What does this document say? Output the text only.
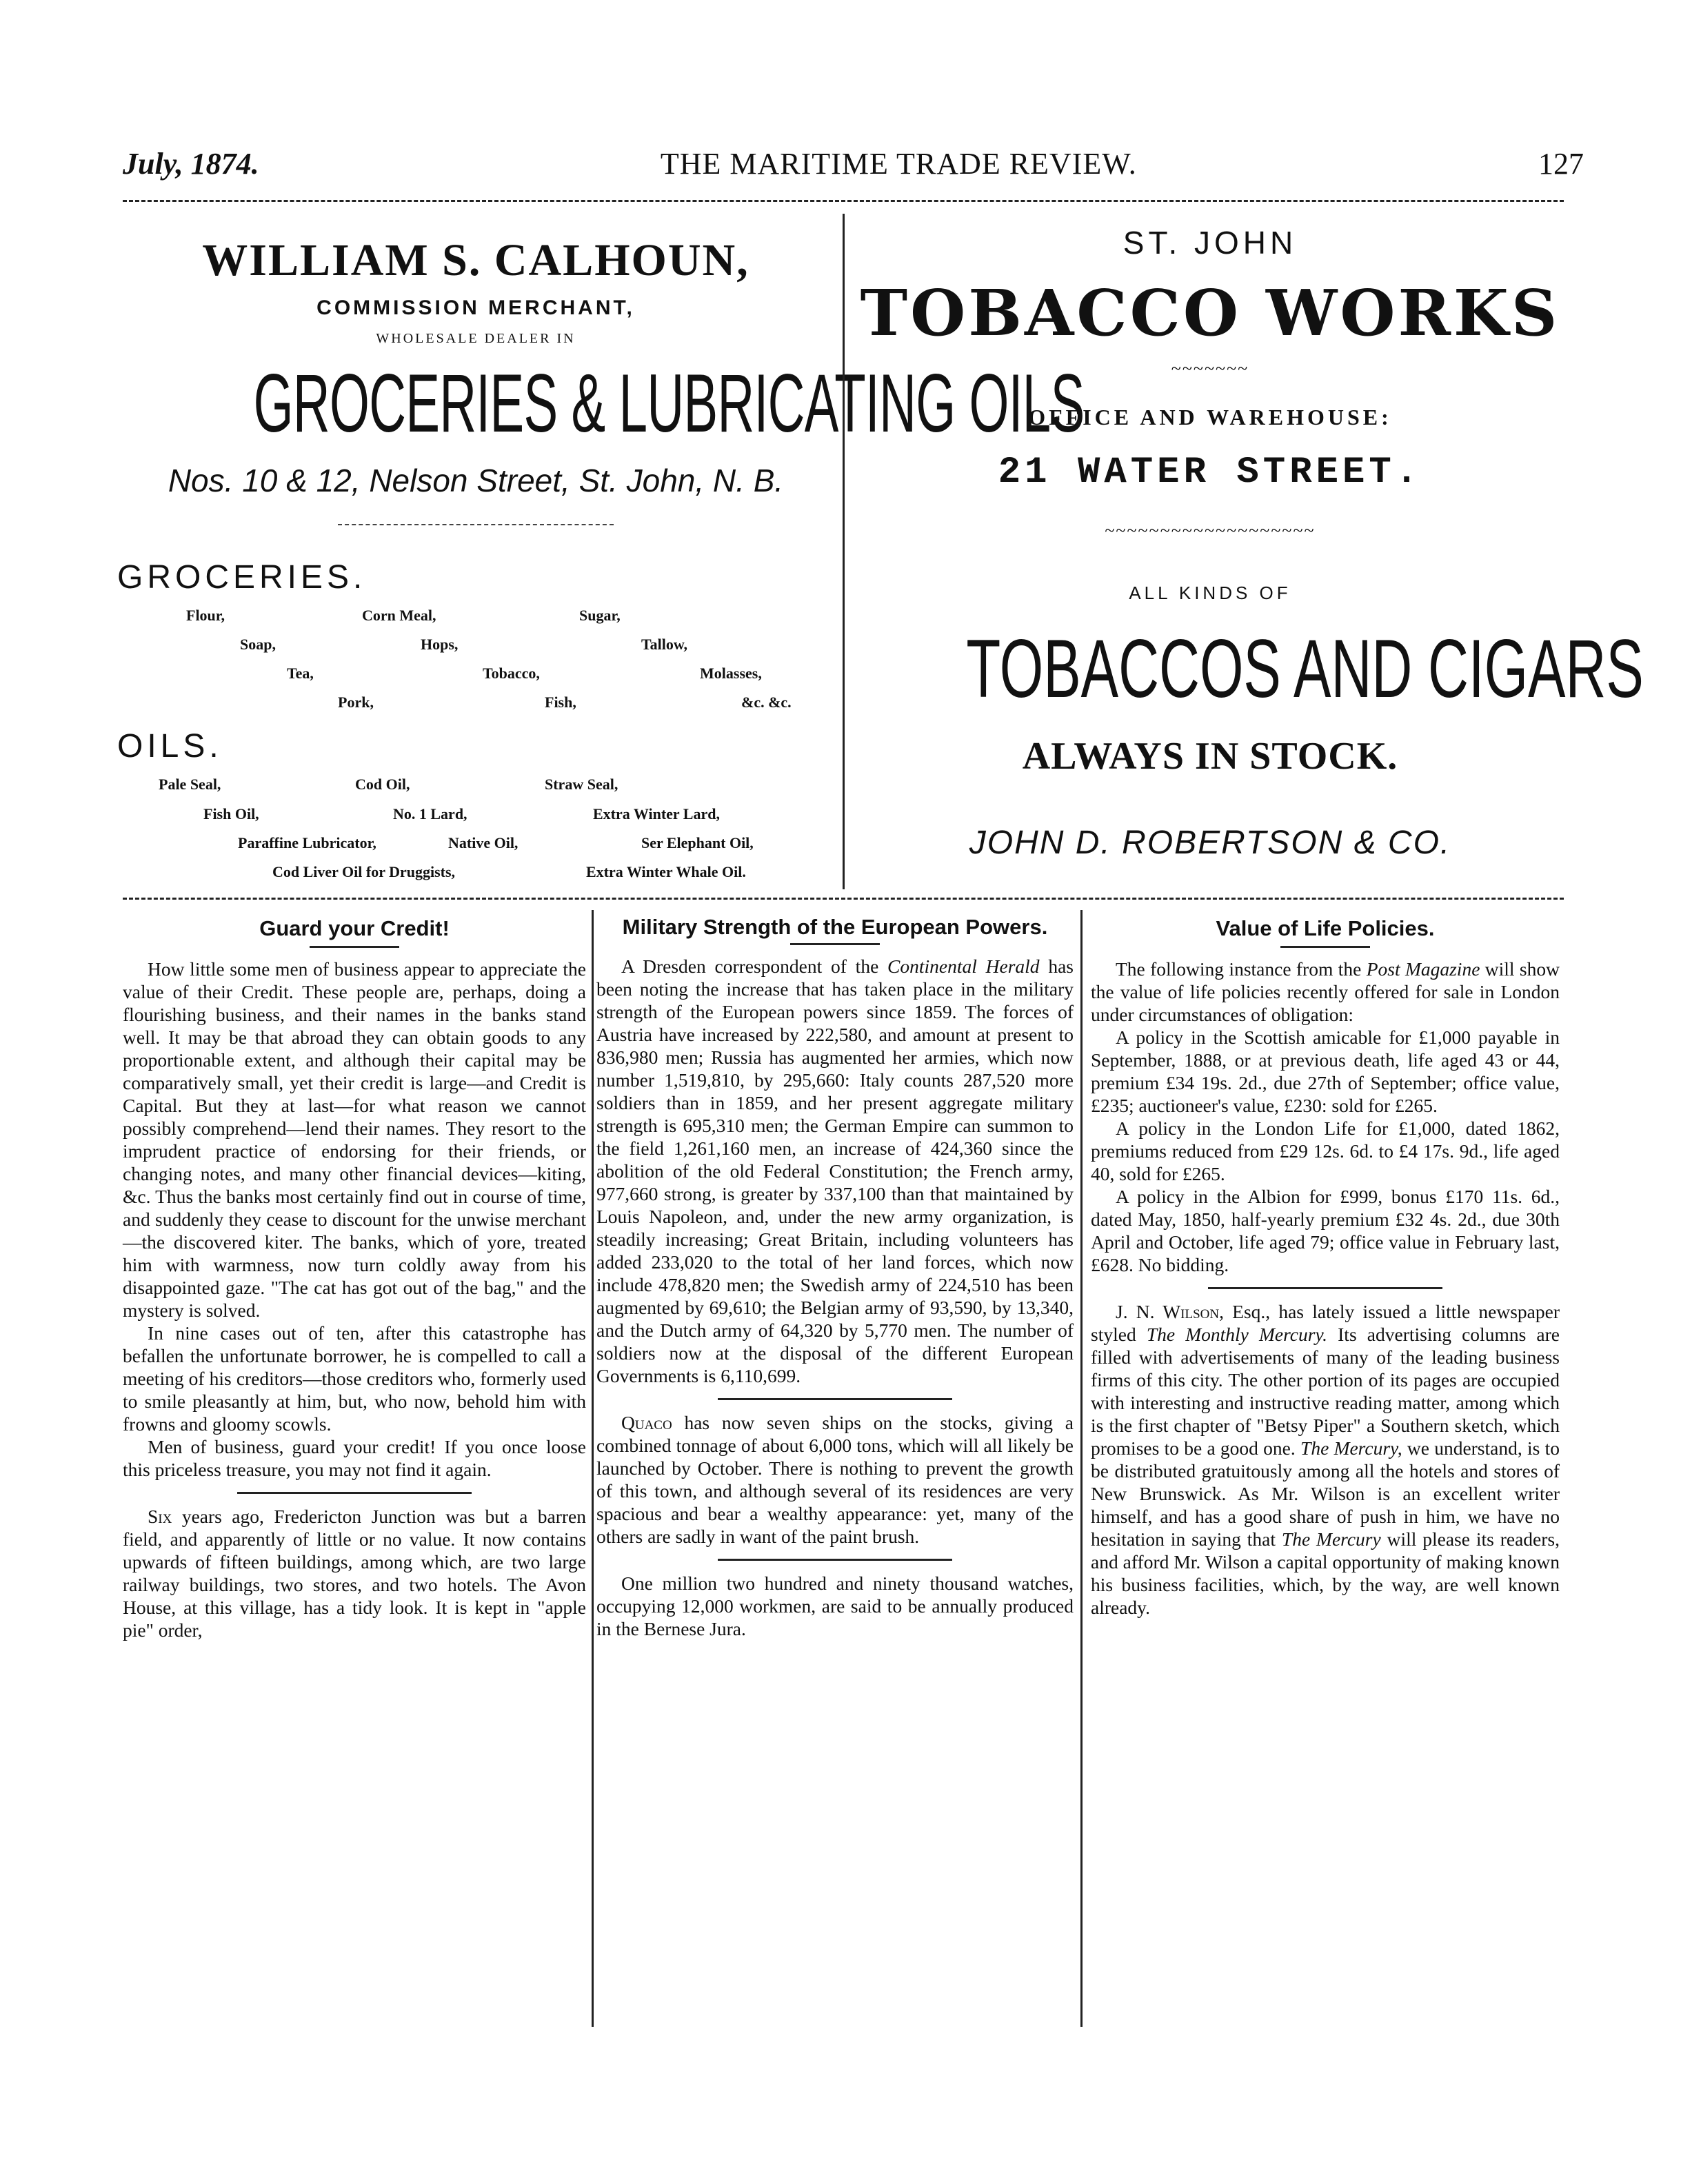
July, 1874.	THE MARITIME TRADE REVIEW.	127
WILLIAM S. CALHOUN,
COMMISSION MERCHANT,
WHOLESALE DEALER IN
GROCERIES & LUBRICATING OILS
Nos. 10 & 12, Nelson Street, St. John, N. B.
GROCERIES.
Flour,	Corn Meal,	Sugar,
Soap,	Hops,	Tallow,
Tea,	Tobacco,	Molasses,
Pork,	Fish,	&c. &c.
OILS.
Pale Seal,	Cod Oil,	Straw Seal,
Fish Oil,	No. 1 Lard,	Extra Winter Lard,
Paraffine Lubricator,	Native Oil,	Ser Elephant Oil,
Cod Liver Oil for Druggists,	Extra Winter Whale Oil.
ST. JOHN
TOBACCO WORKS
~~~~~~~
OFFICE AND WAREHOUSE:
21 WATER STREET.
~~~~~~~~~~~~~~~~~~~
ALL KINDS OF
TOBACCOS AND CIGARS
ALWAYS IN STOCK.
JOHN D. ROBERTSON & CO.
Guard your Credit!

How little some men of business appear to appreciate the value of their Credit. These people are, perhaps, doing a flourishing business, and their names in the banks stand well. It may be that abroad they can obtain goods to any proportionable extent, and although their capital may be comparatively small, yet their credit is large—and Credit is Capital. But they at last—for what reason we cannot possibly comprehend—lend their names. They resort to the imprudent practice of endorsing for their friends, or changing notes, and many other financial devices—kiting, &c. Thus the banks most certainly find out in course of time, and suddenly they cease to discount for the unwise merchant—the discovered kiter. The banks, which of yore, treated him with warmness, now turn coldly away from his disappointed gaze. "The cat has got out of the bag," and the mystery is solved.

In nine cases out of ten, after this catastrophe has befallen the unfortunate borrower, he is compelled to call a meeting of his creditors—those creditors who, formerly used to smile pleasantly at him, but, who now, behold him with frowns and gloomy scowls.

Men of business, guard your credit! If you once loose this priceless treasure, you may not find it again.

Six years ago, Fredericton Junction was but a barren field, and apparently of little or no value. It now contains upwards of fifteen buildings, among which, are two large railway buildings, two stores, and two hotels. The Avon House, at this village, has a tidy look. It is kept in "apple pie" order,

Military Strength of the European Powers.

A Dresden correspondent of the Continental Herald has been noting the increase that has taken place in the military strength of the European powers since 1859. The forces of Austria have increased by 222,580, and amount at present to 836,980 men; Russia has augmented her armies, which now number 1,519,810, by 295,660: Italy counts 287,520 more soldiers than in 1859, and her present aggregate military strength is 695,310 men; the German Empire can summon to the field 1,261,160 men, an increase of 424,360 since the abolition of the old Federal Constitution; the French army, 977,660 strong, is greater by 337,100 than that maintained by Louis Napoleon, and, under the new army organization, is steadily increasing; Great Britain, including volunteers has added 233,020 to the total of her land forces, which now include 478,820 men; the Swedish army of 224,510 has been augmented by 69,610; the Belgian army of 93,590, by 13,340, and the Dutch army of 64,320 by 5,770 men. The number of soldiers now at the disposal of the different European Governments is 6,110,699.

Quaco has now seven ships on the stocks, giving a combined tonnage of about 6,000 tons, which will all likely be launched by October. There is nothing to prevent the growth of this town, and although several of its residences are very spacious and bear a wealthy appearance: yet, many of the others are sadly in want of the paint brush.

One million two hundred and ninety thousand watches, occupying 12,000 workmen, are said to be annually produced in the Bernese Jura.

Value of Life Policies.

The following instance from the Post Magazine will show the value of life policies recently offered for sale in London under circumstances of obligation:

A policy in the Scottish amicable for £1,000 payable in September, 1888, or at previous death, life aged 43 or 44, premium £34 19s. 2d., due 27th of September; office value, £235; auctioneer's value, £230: sold for £265.

A policy in the London Life for £1,000, dated 1862, premiums reduced from £29 12s. 6d. to £4 17s. 9d., life aged 40, sold for £265.

A policy in the Albion for £999, bonus £170 11s. 6d., dated May, 1850, half-yearly premium £32 4s. 2d., due 30th April and October, life aged 79; office value in February last, £628. No bidding.

J. N. Wilson, Esq., has lately issued a little newspaper styled The Monthly Mercury. Its advertising columns are filled with advertisements of many of the leading business firms of this city. The other portion of its pages are occupied with interesting and instructive reading matter, among which is the first chapter of "Betsy Piper" a Southern sketch, which promises to be a good one. The Mercury, we understand, is to be distributed gratuitously among all the hotels and stores of New Brunswick. As Mr. Wilson is an excellent writer himself, and has a good share of push in him, we have no hesitation in saying that The Mercury will please its readers, and afford Mr. Wilson a capital opportunity of making known his business facilities, which, by the way, are well known already.
